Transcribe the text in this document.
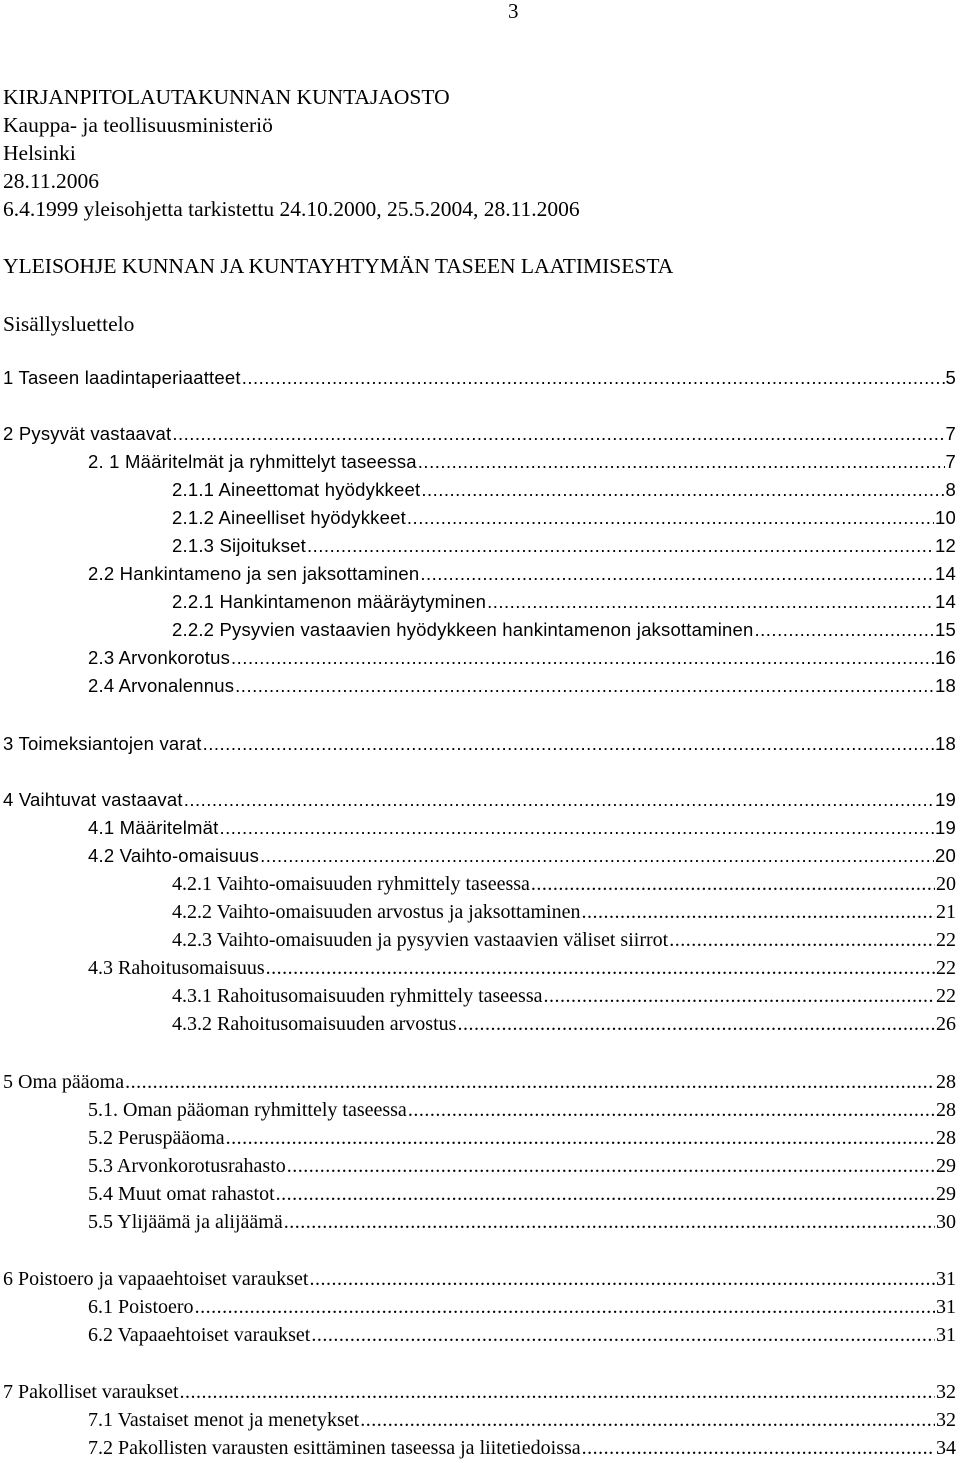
3
KIRJANPITOLAUTAKUNNAN KUNTAJAOSTO
Kauppa- ja teollisuusministeriö
Helsinki
28.11.2006
6.4.1999 yleisohjetta tarkistettu 24.10.2000, 25.5.2004, 28.11.2006
YLEISOHJE KUNNAN JA KUNTAYHTYMÄN TASEEN LAATIMISESTA
Sisällysluettelo
1 Taseen laadintaperiaatteet .....	5
2 Pysyvät vastaavat .....	7
2. 1 Määritelmät ja ryhmittelyt taseessa .....	7
2.1.1 Aineettomat hyödykkeet .....	8
2.1.2 Aineelliset hyödykkeet .....	10
2.1.3 Sijoitukset .....	12
2.2 Hankintameno ja sen jaksottaminen .....	14
2.2.1 Hankintamenon määräytyminen .....	14
2.2.2 Pysyvien vastaavien hyödykkeen hankintamenon jaksottaminen .....	15
2.3 Arvonkorotus .....	16
2.4 Arvonalennus .....	18
3 Toimeksiantojen varat .....	18
4 Vaihtuvat vastaavat .....	19
4.1 Määritelmät .....	19
4.2 Vaihto-omaisuus .....	20
4.2.1 Vaihto-omaisuuden ryhmittely taseessa .....	20
4.2.2 Vaihto-omaisuuden arvostus ja jaksottaminen .....	21
4.2.3 Vaihto-omaisuuden ja pysyvien vastaavien väliset siirrot .....	22
4.3 Rahoitusomaisuus .....	22
4.3.1 Rahoitusomaisuuden ryhmittely taseessa .....	22
4.3.2 Rahoitusomaisuuden arvostus .....	26
5 Oma pääoma .....	28
5.1. Oman pääoman ryhmittely taseessa .....	28
5.2 Peruspääoma .....	28
5.3 Arvonkorotusrahasto .....	29
5.4 Muut omat rahastot .....	29
5.5 Ylijäämä ja alijäämä .....	30
6 Poistoero ja vapaaehtoiset varaukset .....	31
6.1 Poistoero .....	31
6.2 Vapaaehtoiset varaukset .....	31
7 Pakolliset varaukset .....	32
7.1 Vastaiset menot ja menetykset .....	32
7.2 Pakollisten varausten esittäminen taseessa ja liitetiedoissa .....	34
